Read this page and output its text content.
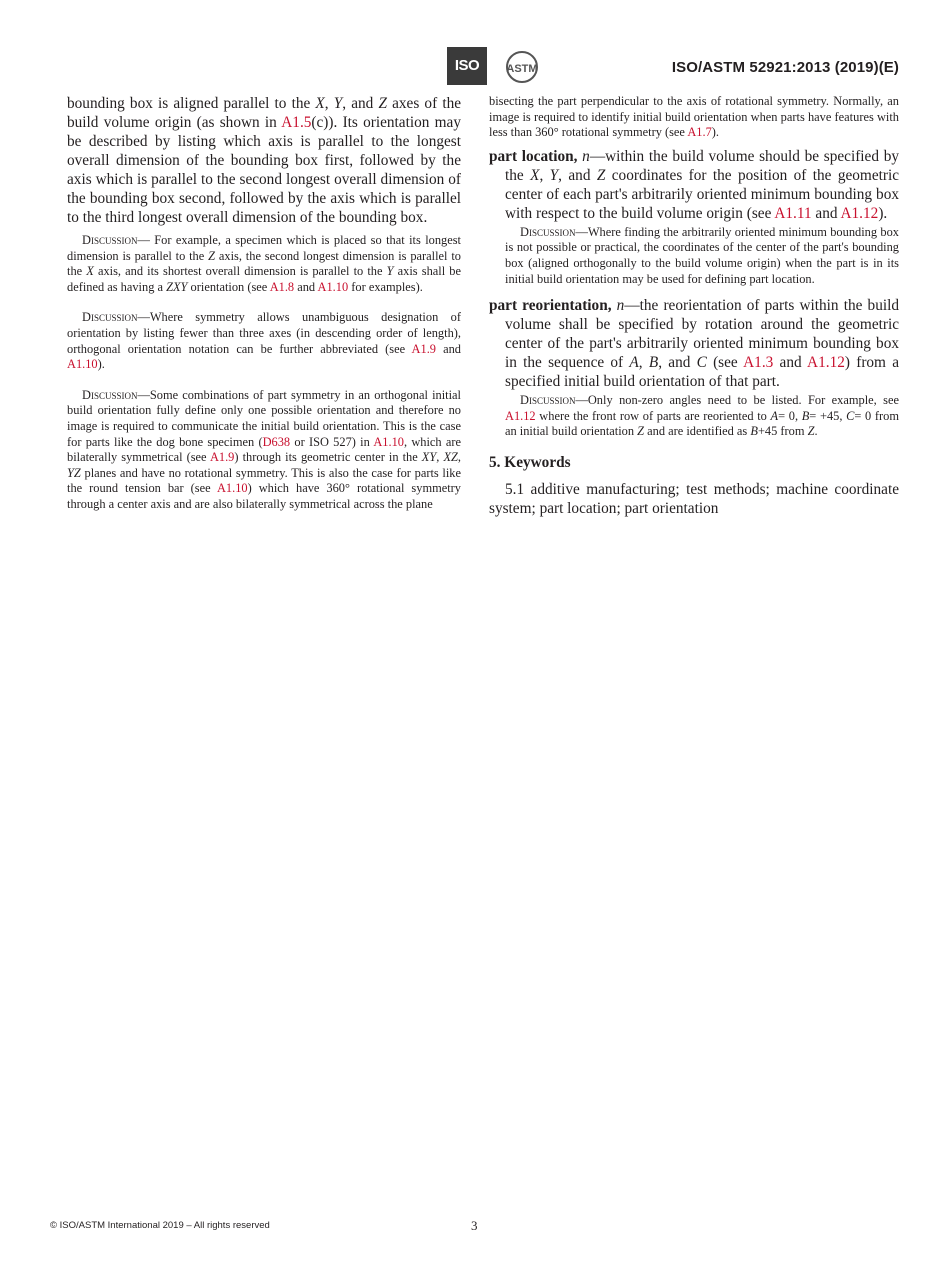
ISO	ASTM	ISO/ASTM 52921:2013 (2019)(E)

bounding box is aligned parallel to the X, Y, and Z axes of the build volume origin (as shown in A1.5(c)). Its orientation may be described by listing which axis is parallel to the longest overall dimension of the bounding box first, followed by the axis which is parallel to the second longest overall dimension of the bounding box second, followed by the axis which is parallel to the third longest overall dimension of the bounding box.

Discussion— For example, a specimen which is placed so that its longest dimension is parallel to the Z axis, the second longest dimension is parallel to the X axis, and its shortest overall dimension is parallel to the Y axis shall be defined as having a ZXY orientation (see A1.8 and A1.10 for examples).

Discussion—Where symmetry allows unambiguous designation of orientation by listing fewer than three axes (in descending order of length), orthogonal orientation notation can be further abbreviated (see A1.9 and A1.10).

Discussion—Some combinations of part symmetry in an orthogonal initial build orientation fully define only one possible orientation and therefore no image is required to communicate the initial build orientation. This is the case for parts like the dog bone specimen (D638 or ISO 527) in A1.10, which are bilaterally symmetrical (see A1.9) through its geometric center in the XY, XZ, YZ planes and have no rotational symmetry. This is also the case for parts like the round tension bar (see A1.10) which have 360° rotational symmetry through a center axis and are also bilaterally symmetrical across the plane

bisecting the part perpendicular to the axis of rotational symmetry. Normally, an image is required to identify initial build orientation when parts have features with less than 360° rotational symmetry (see A1.7).

part location, n—within the build volume should be specified by the X, Y, and Z coordinates for the position of the geometric center of each part's arbitrarily oriented minimum bounding box with respect to the build volume origin (see A1.11 and A1.12).

Discussion—Where finding the arbitrarily oriented minimum bounding box is not possible or practical, the coordinates of the center of the part's bounding box (aligned orthogonally to the build volume origin) when the part is in its initial build orientation may be used for defining part location.

part reorientation, n—the reorientation of parts within the build volume shall be specified by rotation around the geometric center of the part's arbitrarily oriented minimum bounding box in the sequence of A, B, and C (see A1.3 and A1.12) from a specified initial build orientation of that part.

Discussion—Only non-zero angles need to be listed. For example, see A1.12 where the front row of parts are reoriented to A= 0, B= +45, C= 0 from an initial build orientation Z and are identified as B+45 from Z.

5. Keywords

5.1 additive manufacturing; test methods; machine coordinate system; part location; part orientation

© ISO/ASTM International 2019 – All rights reserved	3
